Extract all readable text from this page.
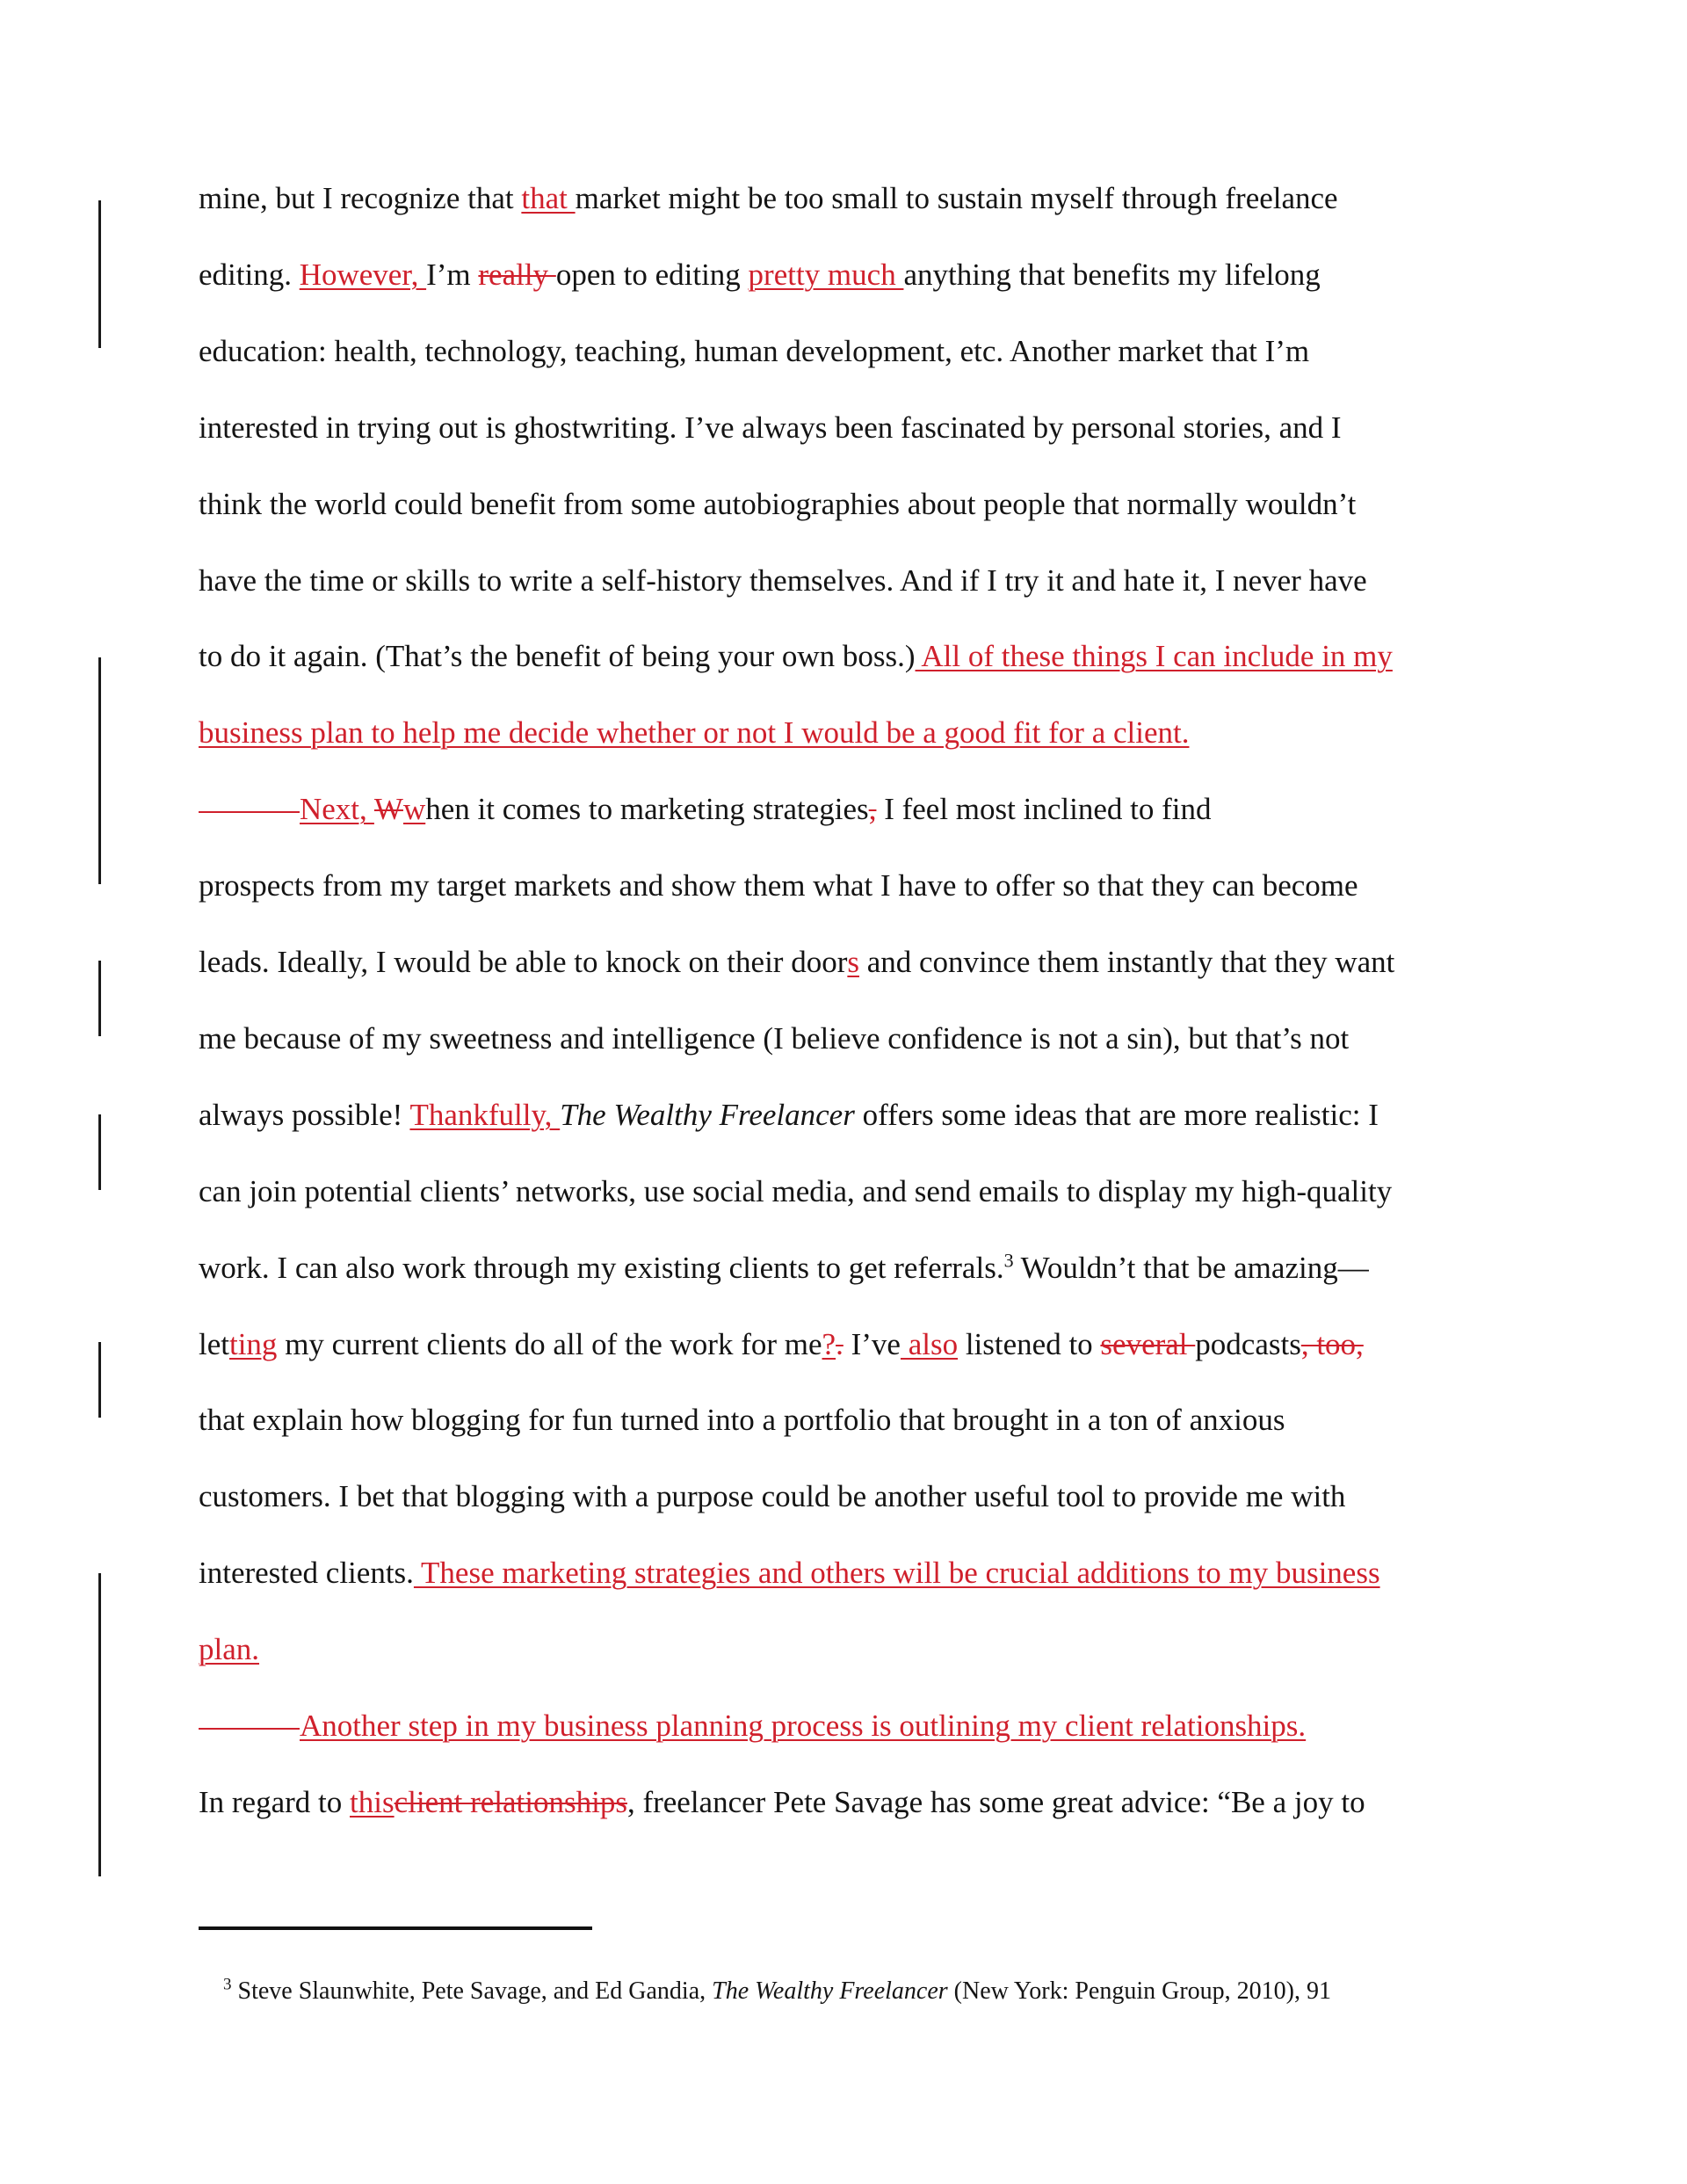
mine, but I recognize that that market might be too small to sustain myself through freelance
editing. However, I’m really open to editing pretty much anything that benefits my lifelong
education: health, technology, teaching, human development, etc. Another market that I’m
interested in trying out is ghostwriting. I’ve always been fascinated by personal stories, and I
think the world could benefit from some autobiographies about people that normally wouldn’t
have the time or skills to write a self-history themselves. And if I try it and hate it, I never have
to do it again. (That’s the benefit of being your own boss.) All of these things I can include in my
business plan to help me decide whether or not I would be a good fit for a client.
Next, Wwhen it comes to marketing strategies, I feel most inclined to find
prospects from my target markets and show them what I have to offer so that they can become
leads. Ideally, I would be able to knock on their doors and convince them instantly that they want
me because of my sweetness and intelligence (I believe confidence is not a sin), but that’s not
always possible! Thankfully, The Wealthy Freelancer offers some ideas that are more realistic: I
can join potential clients’ networks, use social media, and send emails to display my high-quality
work. I can also work through my existing clients to get referrals.$^3$ Wouldn’t that be amazing—
letting my current clients do all of the work for me?. I’ve also listened to several podcasts, too,
that explain how blogging for fun turned into a portfolio that brought in a ton of anxious
customers. I bet that blogging with a purpose could be another useful tool to provide me with
interested clients. These marketing strategies and others will be crucial additions to my business
plan.
Another step in my business planning process is outlining my client relationships.
In regard to thisclient relationships, freelancer Pete Savage has some great advice: “Be a joy to

$^3$ Steve Slaunwhite, Pete Savage, and Ed Gandia, The Wealthy Freelancer (New York: Penguin Group, 2010), 91
